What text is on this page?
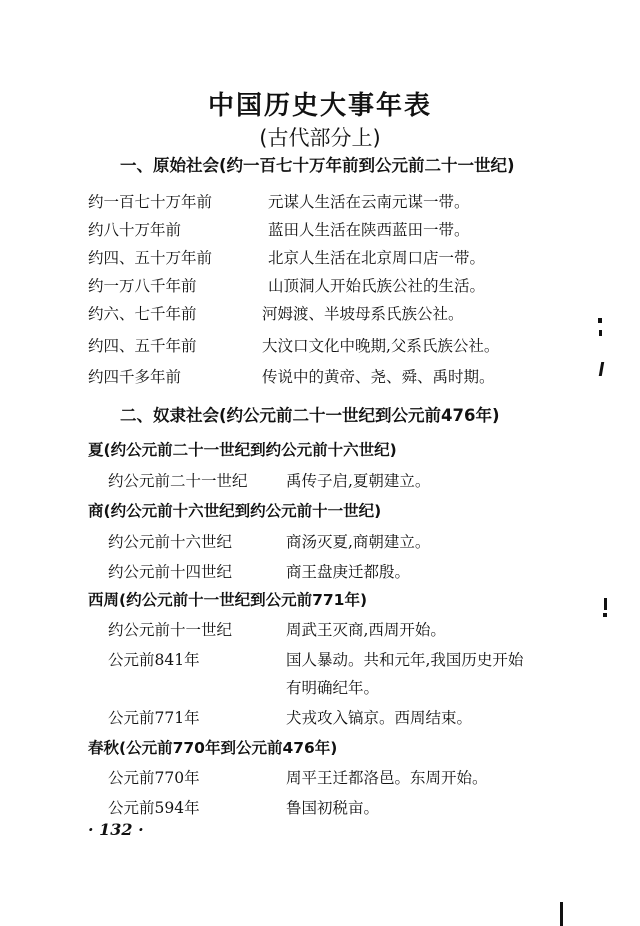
中国历史大事年表
(古代部分上)
一、原始社会(约一百七十万年前到公元前二十一世纪)
约一百七十万年前	元谋人生活在云南元谋一带。
约八十万年前	蓝田人生活在陕西蓝田一带。
约四、五十万年前	北京人生活在北京周口店一带。
约一万八千年前	山顶洞人开始氏族公社的生活。
约六、七千年前	河姆渡、半坡母系氏族公社。
约四、五千年前	大汶口文化中晚期,父系氏族公社。
约四千多年前	传说中的黄帝、尧、舜、禹时期。
二、奴隶社会(约公元前二十一世纪到公元前476年)
夏(约公元前二十一世纪到约公元前十六世纪)
约公元前二十一世纪 禹传子启,夏朝建立。
商(约公元前十六世纪到约公元前十一世纪)
约公元前十六世纪	商汤灭夏,商朝建立。
约公元前十四世纪	商王盘庚迁都殷。
西周(约公元前十一世纪到公元前771年)
约公元前十一世纪	周武王灭商,西周开始。
公元前841年	国人暴动。共和元年,我国历史开始
有明确纪年。
公元前771年	犬戎攻入镐京。西周结束。
春秋(公元前770年到公元前476年)
公元前770年	周平王迁都洛邑。东周开始。
公元前594年	鲁国初税亩。
· 132 ·
